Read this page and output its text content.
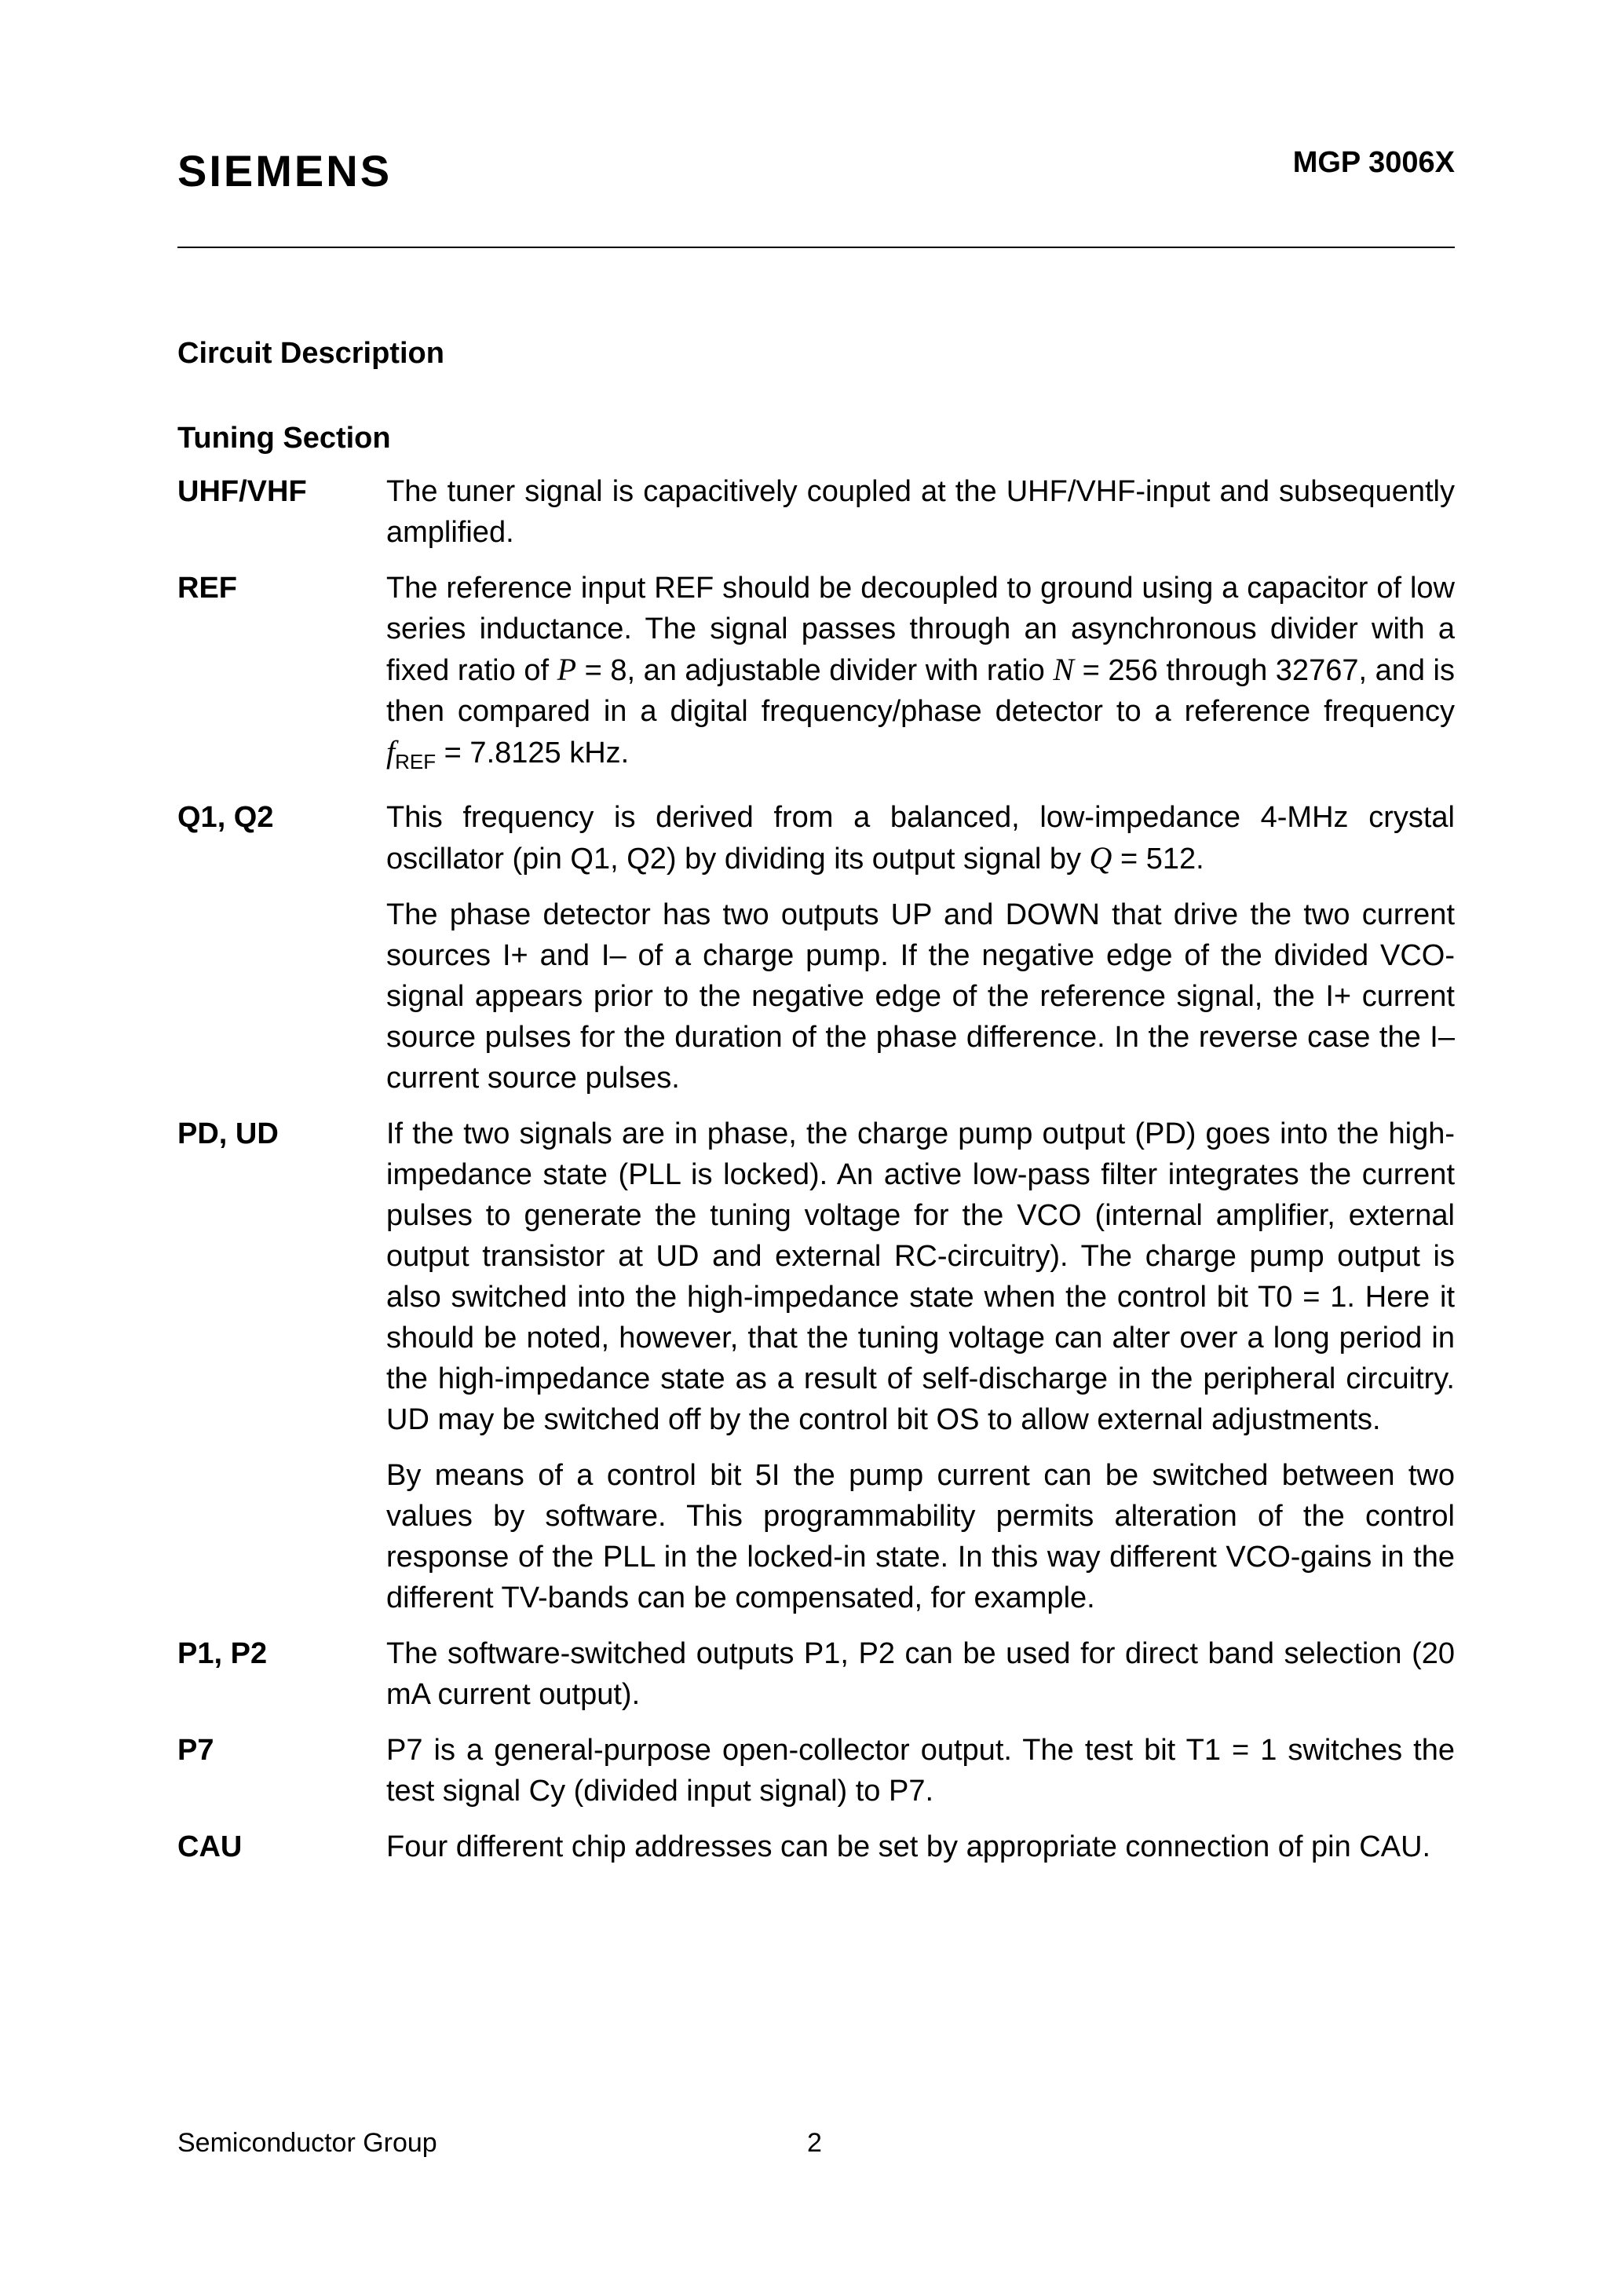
SIEMENS	MGP 3006X
Circuit Description
Tuning Section
UHF/VHF	The tuner signal is capacitively coupled at the UHF/VHF-input and subsequently amplified.
REF	The reference input REF should be decoupled to ground using a capacitor of low series inductance. The signal passes through an asynchronous divider with a fixed ratio of P = 8, an adjustable divider with ratio N = 256 through 32767, and is then compared in a digital frequency/phase detector to a reference frequency $f_{REF} = 7.8125$ kHz.
Q1, Q2	This frequency is derived from a balanced, low-impedance 4-MHz crystal oscillator (pin Q1, Q2) by dividing its output signal by Q = 512.
The phase detector has two outputs UP and DOWN that drive the two current sources I+ and I– of a charge pump. If the negative edge of the divided VCO-signal appears prior to the negative edge of the reference signal, the I+ current source pulses for the duration of the phase difference. In the reverse case the I– current source pulses.
PD, UD	If the two signals are in phase, the charge pump output (PD) goes into the high-impedance state (PLL is locked). An active low-pass filter integrates the current pulses to generate the tuning voltage for the VCO (internal amplifier, external output transistor at UD and external RC-circuitry). The charge pump output is also switched into the high-impedance state when the control bit T0 = 1. Here it should be noted, however, that the tuning voltage can alter over a long period in the high-impedance state as a result of self-discharge in the peripheral circuitry. UD may be switched off by the control bit OS to allow external adjustments.
By means of a control bit 5I the pump current can be switched between two values by software. This programmability permits alteration of the control response of the PLL in the locked-in state. In this way different VCO-gains in the different TV-bands can be compensated, for example.
P1, P2	The software-switched outputs P1, P2 can be used for direct band selection (20 mA current output).
P7	P7 is a general-purpose open-collector output. The test bit T1 = 1 switches the test signal Cy (divided input signal) to P7.
CAU	Four different chip addresses can be set by appropriate connection of pin CAU.
Semiconductor Group	2
